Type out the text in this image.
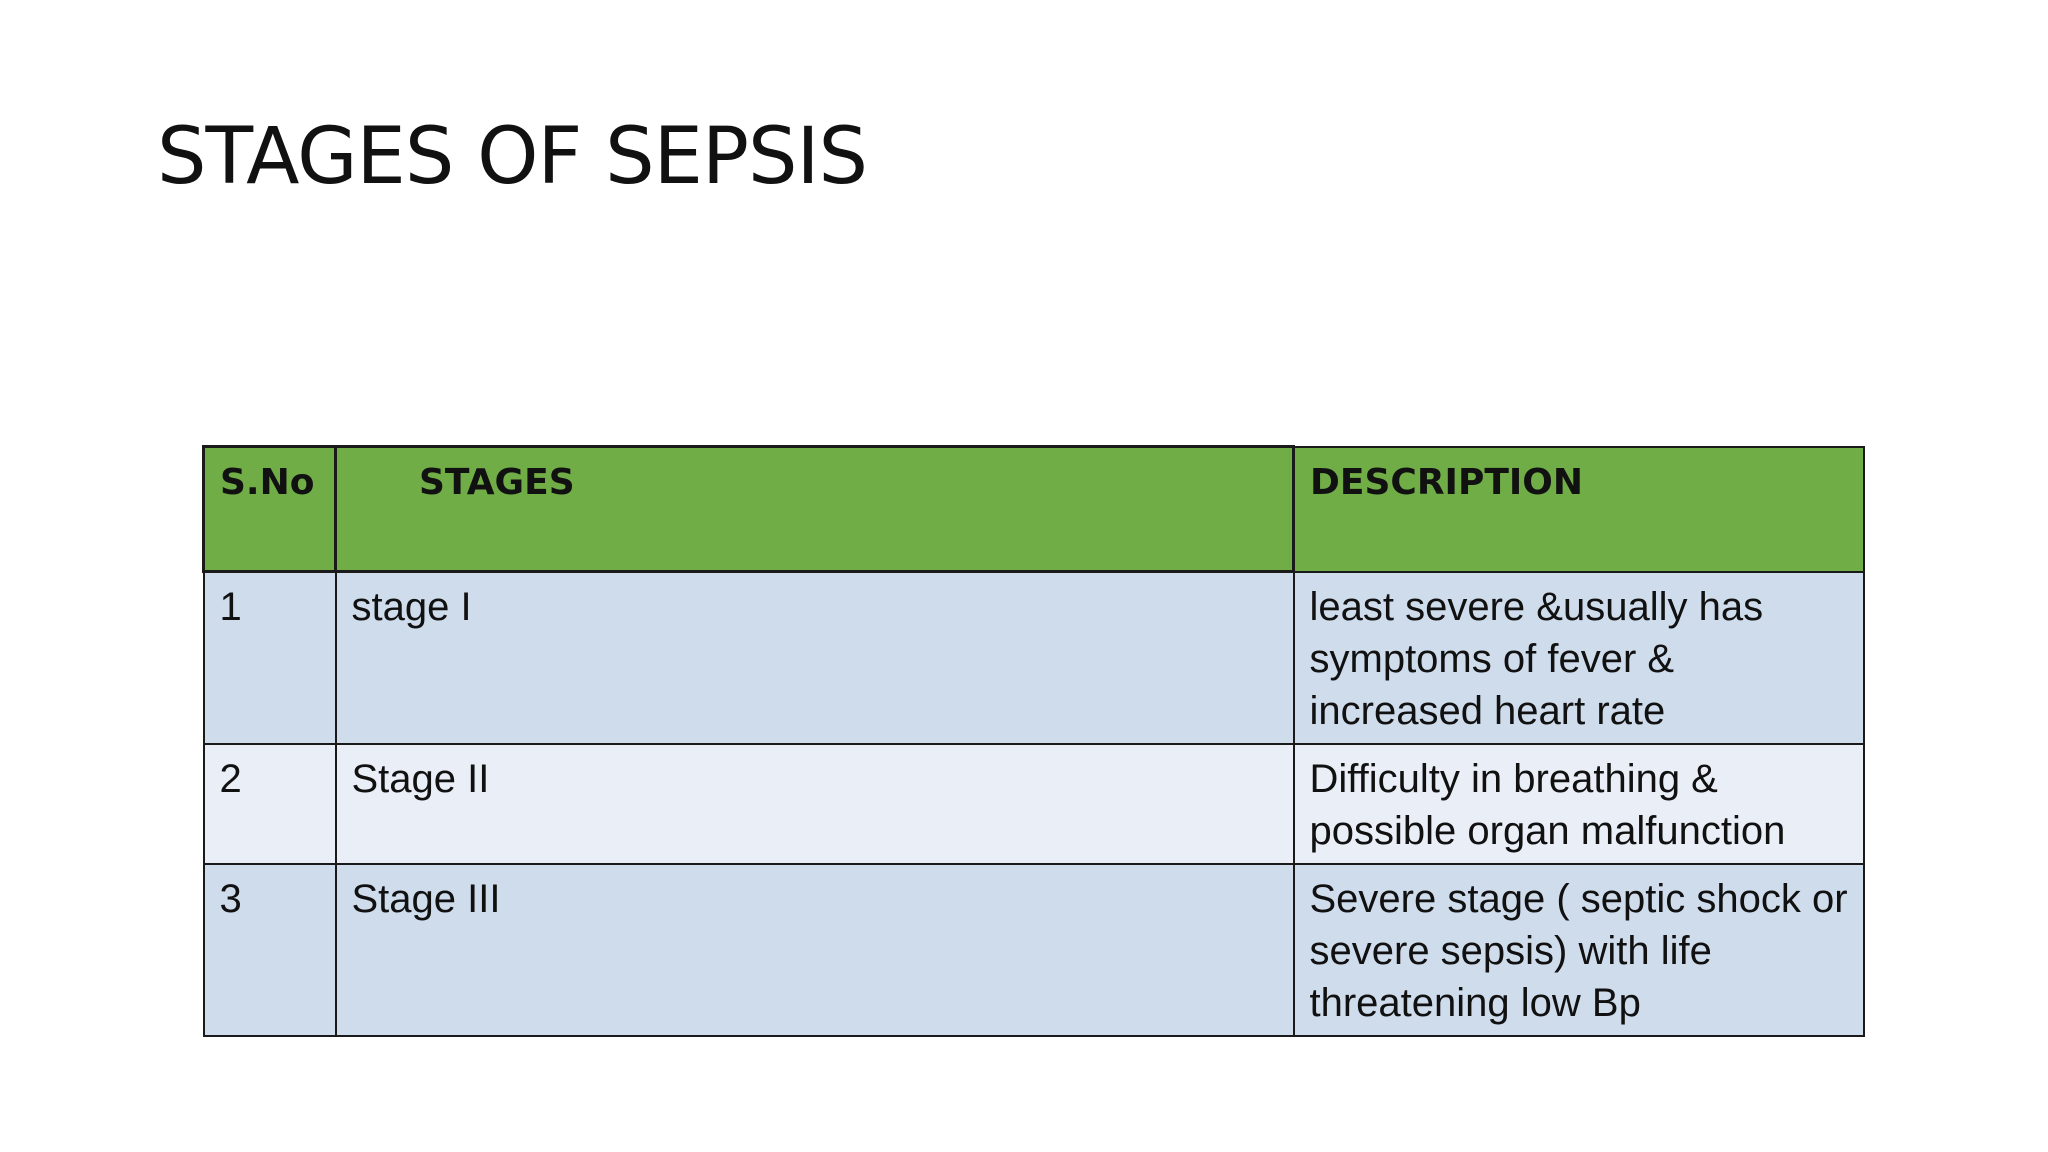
STAGES OF SEPSIS
S.No	STAGES	DESCRIPTION
1	stage I	least severe &usually has symptoms of fever & increased heart rate
2	Stage II	Difficulty in breathing & possible organ malfunction
3	Stage III	Severe stage ( septic shock or severe sepsis) with life threatening low Bp
